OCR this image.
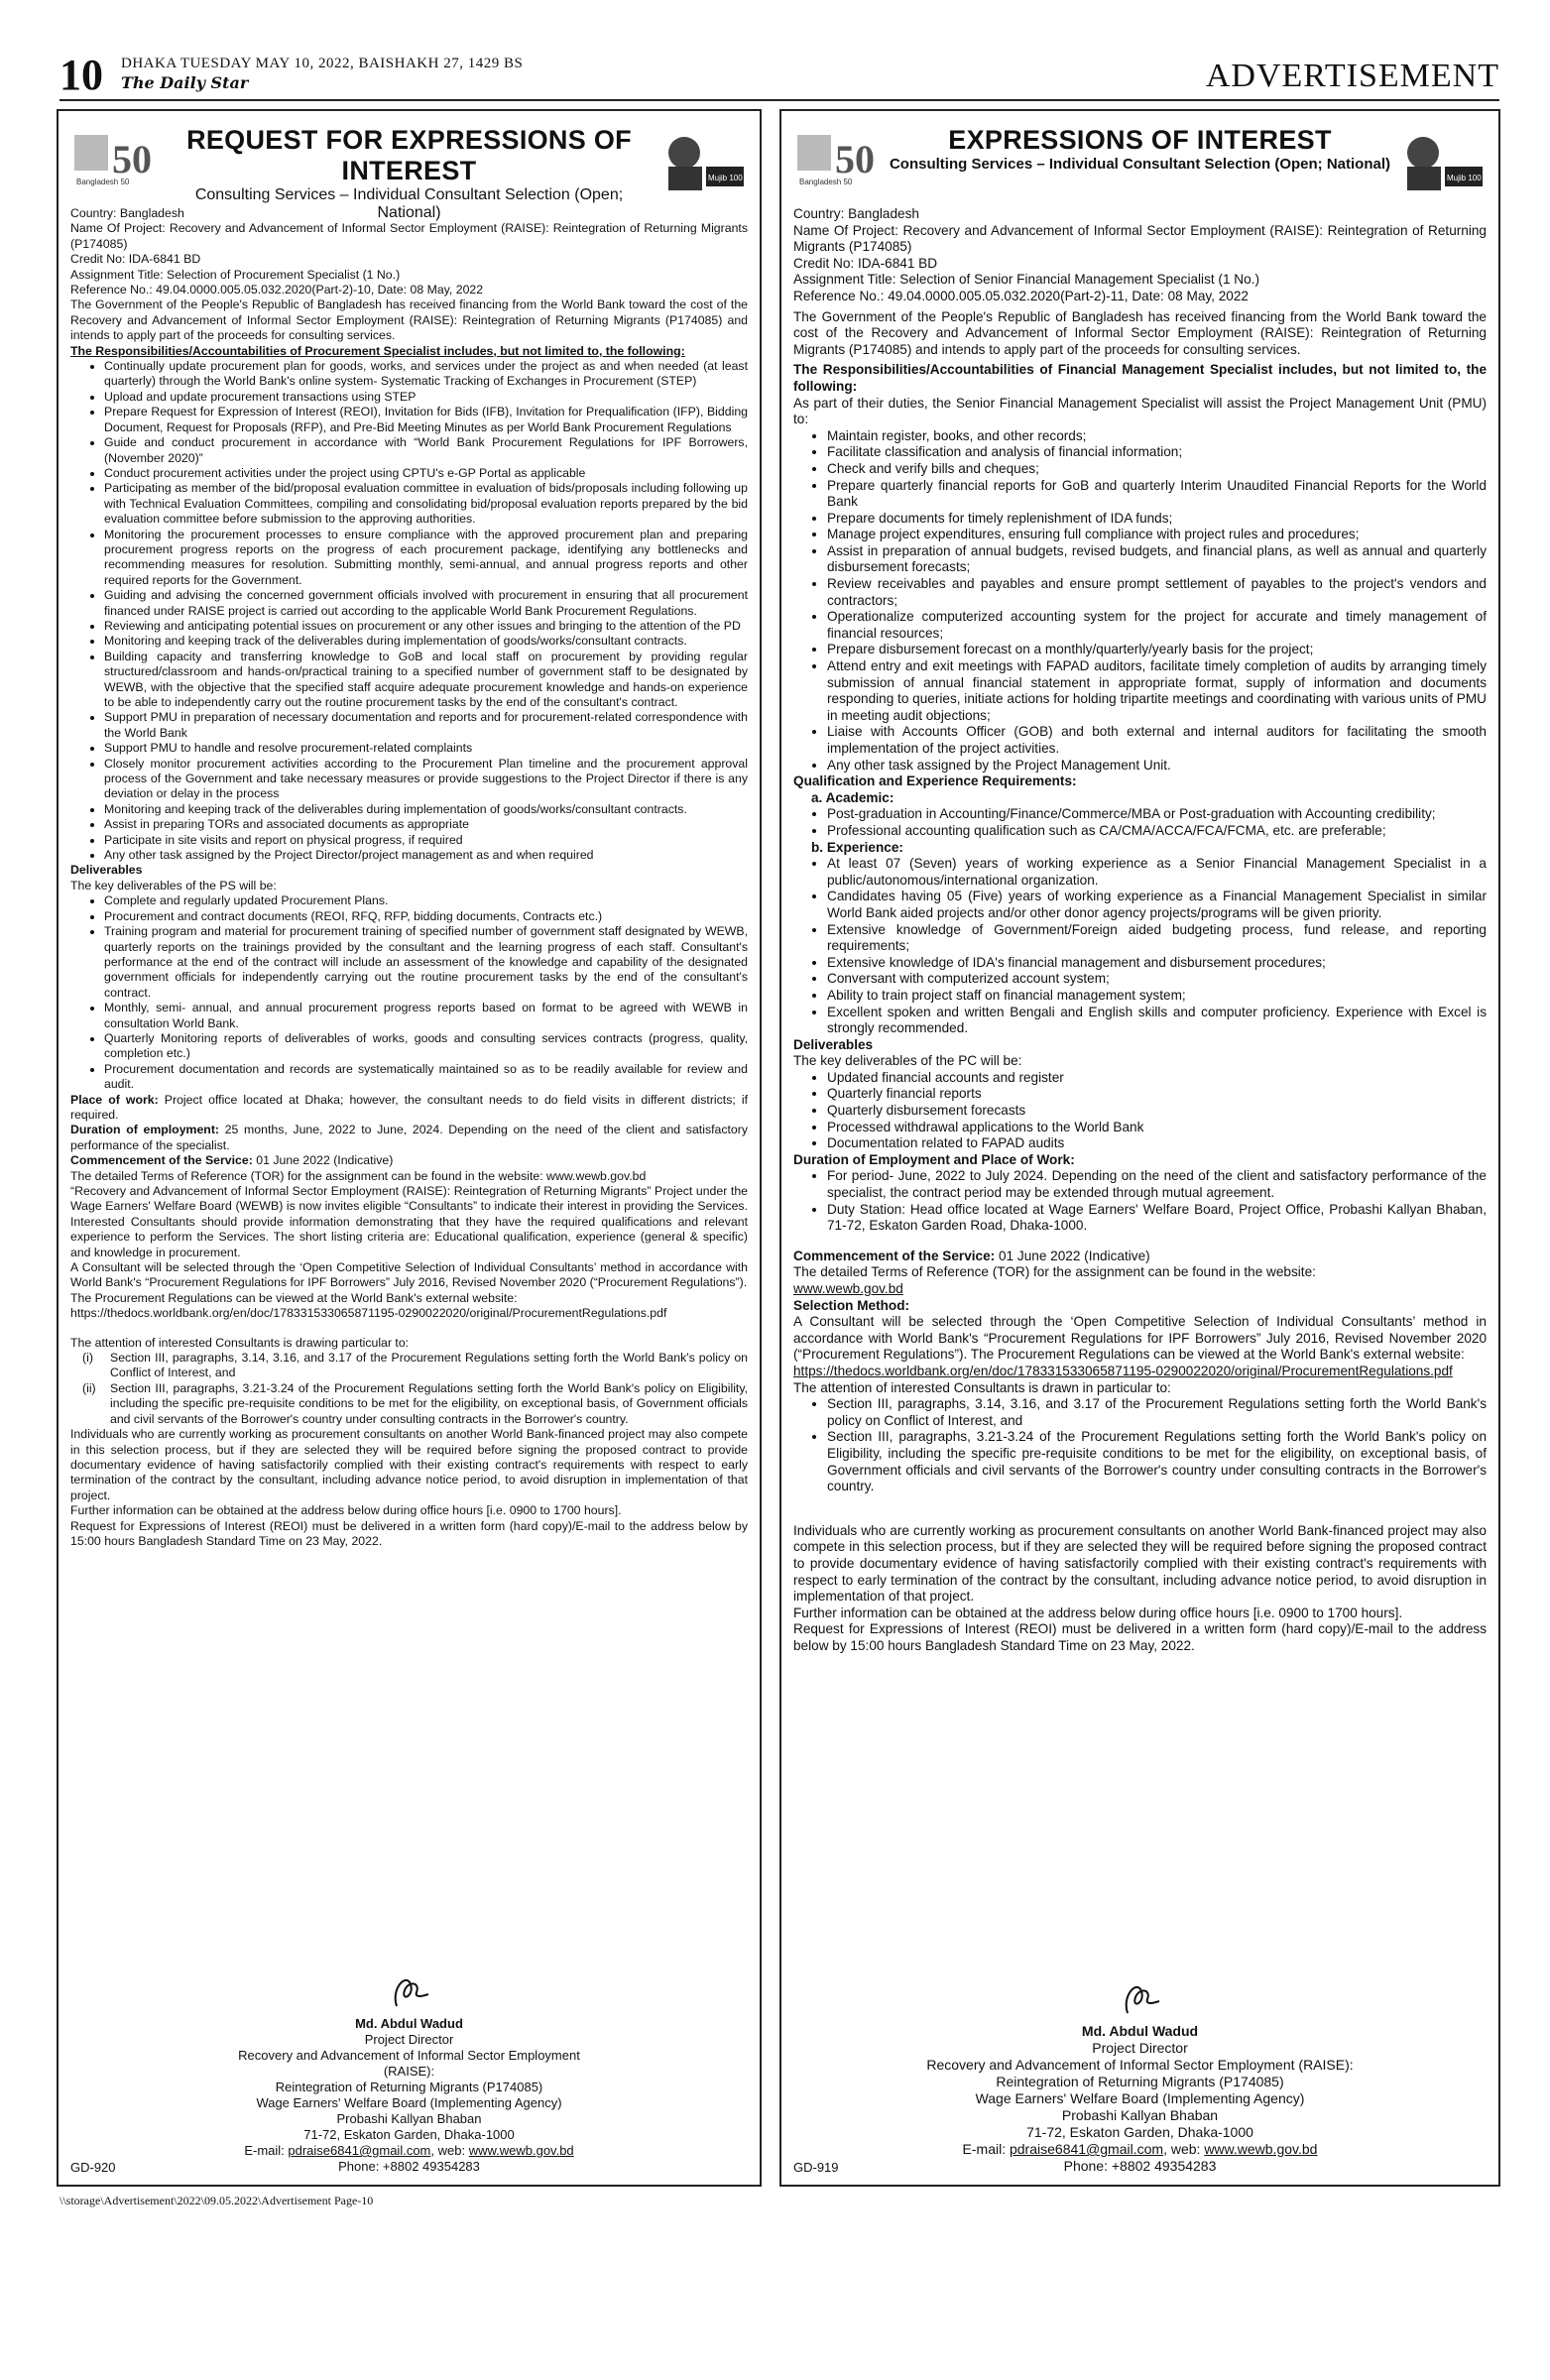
10 DHAKA TUESDAY MAY 10, 2022, BAISHAKH 27, 1429 BS
The Daily Star	ADVERTISEMENT
50
Bangladesh 50	Mujib 100
REQUEST FOR EXPRESSIONS OF INTEREST
Consulting Services – Individual Consultant Selection (Open; National)

Country: Bangladesh

Name Of Project: Recovery and Advancement of Informal Sector Employment (RAISE): Reintegration of Returning Migrants (P174085)

Credit No: IDA-6841 BD

Assignment Title: Selection of Procurement Specialist (1 No.)

Reference No.: 49.04.0000.005.05.032.2020(Part-2)-10, Date: 08 May, 2022

The Government of the People's Republic of Bangladesh has received financing from the World Bank toward the cost of the Recovery and Advancement of Informal Sector Employment (RAISE): Reintegration of Returning Migrants (P174085) and intends to apply part of the proceeds for consulting services.

The Responsibilities/Accountabilities of Procurement Specialist includes, but not limited to, the following:

• Continually update procurement plan for goods, works, and services under the project as and when needed (at least quarterly) through the World Bank's online system- Systematic Tracking of Exchanges in Procurement (STEP)
• Upload and update procurement transactions using STEP
• Prepare Request for Expression of Interest (REOI), Invitation for Bids (IFB), Invitation for Prequalification (IFP), Bidding Document, Request for Proposals (RFP), and Pre-Bid Meeting Minutes as per World Bank Procurement Regulations
• Guide and conduct procurement in accordance with “World Bank Procurement Regulations for IPF Borrowers, (November 2020)”
• Conduct procurement activities under the project using CPTU's e-GP Portal as applicable
• Participating as member of the bid/proposal evaluation committee in evaluation of bids/proposals including following up with Technical Evaluation Committees, compiling and consolidating bid/proposal evaluation reports prepared by the bid evaluation committee before submission to the approving authorities.
• Monitoring the procurement processes to ensure compliance with the approved procurement plan and preparing procurement progress reports on the progress of each procurement package, identifying any bottlenecks and recommending measures for resolution. Submitting monthly, semi-annual, and annual progress reports and other required reports for the Government.
• Guiding and advising the concerned government officials involved with procurement in ensuring that all procurement financed under RAISE project is carried out according to the applicable World Bank Procurement Regulations.
• Reviewing and anticipating potential issues on procurement or any other issues and bringing to the attention of the PD
• Monitoring and keeping track of the deliverables during implementation of goods/works/consultant contracts.
• Building capacity and transferring knowledge to GoB and local staff on procurement by providing regular structured/classroom and hands-on/practical training to a specified number of government staff to be designated by WEWB, with the objective that the specified staff acquire adequate procurement knowledge and hands-on experience to be able to independently carry out the routine procurement tasks by the end of the consultant's contract.
• Support PMU in preparation of necessary documentation and reports and for procurement-related correspondence with the World Bank
• Support PMU to handle and resolve procurement-related complaints
• Closely monitor procurement activities according to the Procurement Plan timeline and the procurement approval process of the Government and take necessary measures or provide suggestions to the Project Director if there is any deviation or delay in the process
• Monitoring and keeping track of the deliverables during implementation of goods/works/consultant contracts.
• Assist in preparing TORs and associated documents as appropriate
• Participate in site visits and report on physical progress, if required
• Any other task assigned by the Project Director/project management as and when required

Deliverables

The key deliverables of the PS will be:

• Complete and regularly updated Procurement Plans.
• Procurement and contract documents (REOI, RFQ, RFP, bidding documents, Contracts etc.)
• Training program and material for procurement training of specified number of government staff designated by WEWB, quarterly reports on the trainings provided by the consultant and the learning progress of each staff. Consultant's performance at the end of the contract will include an assessment of the knowledge and capability of the designated government officials for independently carrying out the routine procurement tasks by the end of the consultant's contract.
• Monthly, semi- annual, and annual procurement progress reports based on format to be agreed with WEWB in consultation World Bank.
• Quarterly Monitoring reports of deliverables of works, goods and consulting services contracts (progress, quality, completion etc.)
• Procurement documentation and records are systematically maintained so as to be readily available for review and audit.

Place of work: Project office located at Dhaka; however, the consultant needs to do field visits in different districts; if required.

Duration of employment: 25 months, June, 2022 to June, 2024. Depending on the need of the client and satisfactory performance of the specialist.

Commencement of the Service: 01 June 2022 (Indicative)

The detailed Terms of Reference (TOR) for the assignment can be found in the website: www.wewb.gov.bd

“Recovery and Advancement of Informal Sector Employment (RAISE): Reintegration of Returning Migrants” Project under the Wage Earners' Welfare Board (WEWB) is now invites eligible “Consultants” to indicate their interest in providing the Services. Interested Consultants should provide information demonstrating that they have the required qualifications and relevant experience to perform the Services. The short listing criteria are: Educational qualification, experience (general & specific) and knowledge in procurement.

A Consultant will be selected through the ‘Open Competitive Selection of Individual Consultants’ method in accordance with World Bank's “Procurement Regulations for IPF Borrowers” July 2016, Revised November 2020 (“Procurement Regulations”).

The Procurement Regulations can be viewed at the World Bank's external website:

https://thedocs.worldbank.org/en/doc/178331533065871195-0290022020/original/ProcurementRegulations.pdf

The attention of interested Consultants is drawing particular to:

(i)	Section III, paragraphs, 3.14, 3.16, and 3.17 of the Procurement Regulations setting forth the World Bank's policy on Conflict of Interest, and
(ii)	Section III, paragraphs, 3.21-3.24 of the Procurement Regulations setting forth the World Bank's policy on Eligibility, including the specific pre-requisite conditions to be met for the eligibility, on exceptional basis, of Government officials and civil servants of the Borrower's country under consulting contracts in the Borrower's country.

Individuals who are currently working as procurement consultants on another World Bank-financed project may also compete in this selection process, but if they are selected they will be required before signing the proposed contract to provide documentary evidence of having satisfactorily complied with their existing contract's requirements with respect to early termination of the contract by the consultant, including advance notice period, to avoid disruption in implementation of that project.

Further information can be obtained at the address below during office hours [i.e. 0900 to 1700 hours].

Request for Expressions of Interest (REOI) must be delivered in a written form (hard copy)/E-mail to the address below by 15:00 hours Bangladesh Standard Time on 23 May, 2022.

Md. Abdul Wadud
Project Director
Recovery and Advancement of Informal Sector Employment
(RAISE):
Reintegration of Returning Migrants (P174085)
Wage Earners' Welfare Board (Implementing Agency)
Probashi Kallyan Bhaban
71-72, Eskaton Garden, Dhaka-1000
E-mail: pdraise6841@gmail.com, web: www.wewb.gov.bd
Phone: +8802 49354283
GD-920
50
Bangladesh 50	Mujib 100
EXPRESSIONS OF INTEREST
Consulting Services – Individual Consultant Selection (Open; National)

Country: Bangladesh

Name Of Project: Recovery and Advancement of Informal Sector Employment (RAISE): Reintegration of Returning Migrants (P174085)

Credit No: IDA-6841 BD

Assignment Title: Selection of Senior Financial Management Specialist (1 No.)

Reference No.: 49.04.0000.005.05.032.2020(Part-2)-11, Date: 08 May, 2022

The Government of the People's Republic of Bangladesh has received financing from the World Bank toward the cost of the Recovery and Advancement of Informal Sector Employment (RAISE): Reintegration of Returning Migrants (P174085) and intends to apply part of the proceeds for consulting services.

The Responsibilities/Accountabilities of Financial Management Specialist includes, but not limited to, the following:

As part of their duties, the Senior Financial Management Specialist will assist the Project Management Unit (PMU) to:

• Maintain register, books, and other records;
• Facilitate classification and analysis of financial information;
• Check and verify bills and cheques;
• Prepare quarterly financial reports for GoB and quarterly Interim Unaudited Financial Reports for the World Bank
• Prepare documents for timely replenishment of IDA funds;
• Manage project expenditures, ensuring full compliance with project rules and procedures;
• Assist in preparation of annual budgets, revised budgets, and financial plans, as well as annual and quarterly disbursement forecasts;
• Review receivables and payables and ensure prompt settlement of payables to the project's vendors and contractors;
• Operationalize computerized accounting system for the project for accurate and timely management of financial resources;
• Prepare disbursement forecast on a monthly/quarterly/yearly basis for the project;
• Attend entry and exit meetings with FAPAD auditors, facilitate timely completion of audits by arranging timely submission of annual financial statement in appropriate format, supply of information and documents responding to queries, initiate actions for holding tripartite meetings and coordinating with various units of PMU in meeting audit objections;
• Liaise with Accounts Officer (GOB) and both external and internal auditors for facilitating the smooth implementation of the project activities.
• Any other task assigned by the Project Management Unit.

Qualification and Experience Requirements:

a. Academic:

• Post-graduation in Accounting/Finance/Commerce/MBA or Post-graduation with Accounting credibility;
• Professional accounting qualification such as CA/CMA/ACCA/FCA/FCMA, etc. are preferable;

b. Experience:

• At least 07 (Seven) years of working experience as a Senior Financial Management Specialist in a public/autonomous/international organization.
• Candidates having 05 (Five) years of working experience as a Financial Management Specialist in similar World Bank aided projects and/or other donor agency projects/programs will be given priority.
• Extensive knowledge of Government/Foreign aided budgeting process, fund release, and reporting requirements;
• Extensive knowledge of IDA's financial management and disbursement procedures;
• Conversant with computerized account system;
• Ability to train project staff on financial management system;
• Excellent spoken and written Bengali and English skills and computer proficiency. Experience with Excel is strongly recommended.

Deliverables

The key deliverables of the PC will be:

• Updated financial accounts and register
• Quarterly financial reports
• Quarterly disbursement forecasts
• Processed withdrawal applications to the World Bank
• Documentation related to FAPAD audits

Duration of Employment and Place of Work:

• For period- June, 2022 to July 2024. Depending on the need of the client and satisfactory performance of the specialist, the contract period may be extended through mutual agreement.
• Duty Station: Head office located at Wage Earners' Welfare Board, Project Office, Probashi Kallyan Bhaban, 71-72, Eskaton Garden Road, Dhaka-1000.

Commencement of the Service: 01 June 2022 (Indicative)

The detailed Terms of Reference (TOR) for the assignment can be found in the website:

www.wewb.gov.bd

Selection Method:

A Consultant will be selected through the ‘Open Competitive Selection of Individual Consultants’ method in accordance with World Bank's “Procurement Regulations for IPF Borrowers” July 2016, Revised November 2020 (“Procurement Regulations”). The Procurement Regulations can be viewed at the World Bank's external website:

https://thedocs.worldbank.org/en/doc/178331533065871195-0290022020/original/ProcurementRegulations.pdf

The attention of interested Consultants is drawn in particular to:

• Section III, paragraphs, 3.14, 3.16, and 3.17 of the Procurement Regulations setting forth the World Bank's policy on Conflict of Interest, and
• Section III, paragraphs, 3.21-3.24 of the Procurement Regulations setting forth the World Bank's policy on Eligibility, including the specific pre-requisite conditions to be met for the eligibility, on exceptional basis, of Government officials and civil servants of the Borrower's country under consulting contracts in the Borrower's country.

Individuals who are currently working as procurement consultants on another World Bank-financed project may also compete in this selection process, but if they are selected they will be required before signing the proposed contract to provide documentary evidence of having satisfactorily complied with their existing contract's requirements with respect to early termination of the contract by the consultant, including advance notice period, to avoid disruption in implementation of that project.

Further information can be obtained at the address below during office hours [i.e. 0900 to 1700 hours].

Request for Expressions of Interest (REOI) must be delivered in a written form (hard copy)/E-mail to the address below by 15:00 hours Bangladesh Standard Time on 23 May, 2022.

Md. Abdul Wadud
Project Director
Recovery and Advancement of Informal Sector Employment (RAISE):
Reintegration of Returning Migrants (P174085)
Wage Earners' Welfare Board (Implementing Agency)
Probashi Kallyan Bhaban
71-72, Eskaton Garden, Dhaka-1000
E-mail: pdraise6841@gmail.com, web: www.wewb.gov.bd
Phone: +8802 49354283
GD-919
\\storage\Advertisement\2022\09.05.2022\Advertisement Page-10
